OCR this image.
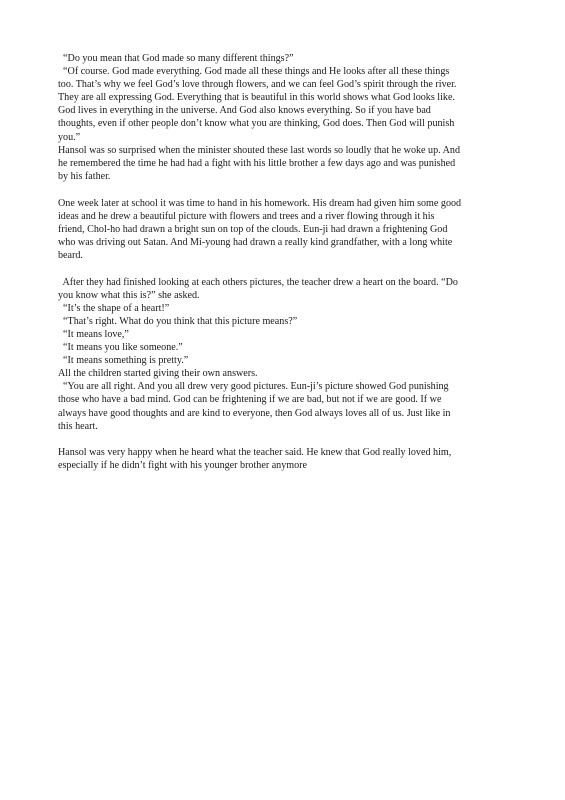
“Do you mean that God made so many different things?”
“Of course. God made everything. God made all these things and He looks after all these things
too. That’s why we feel God’s love through flowers, and we can feel God’s spirit through the river.
They are all expressing God. Everything that is beautiful in this world shows what God looks like.
God lives in everything in the universe. And God also knows everything. So if you have bad
thoughts, even if other people don’t know what you are thinking, God does. Then God will punish
you.”
Hansol was so surprised when the minister shouted these last words so loudly that he woke up. And
he remembered the time he had had a fight with his little brother a few days ago and was punished
by his father.
One week later at school it was time to hand in his homework. His dream had given him some good
ideas and he drew a beautiful picture with flowers and trees and a river flowing through it his
friend, Chol-ho had drawn a bright sun on top of the clouds. Eun-ji had drawn a frightening God
who was driving out Satan. And Mi-young had drawn a really kind grandfather, with a long white
beard.
After they had finished looking at each others pictures, the teacher drew a heart on the board. “Do
you know what this is?” she asked.
“It’s the shape of a heart!”
“That’s right. What do you think that this picture means?”
“It means love,”
“It means you like someone.”
“It means something is pretty.”
All the children started giving their own answers.
“You are all right. And you all drew very good pictures. Eun-ji’s picture showed God punishing
those who have a bad mind. God can be frightening if we are bad, but not if we are good. If we
always have good thoughts and are kind to everyone, then God always loves all of us. Just like in
this heart.
Hansol was very happy when he heard what the teacher said. He knew that God really loved him,
especially if he didn’t fight with his younger brother anymore
